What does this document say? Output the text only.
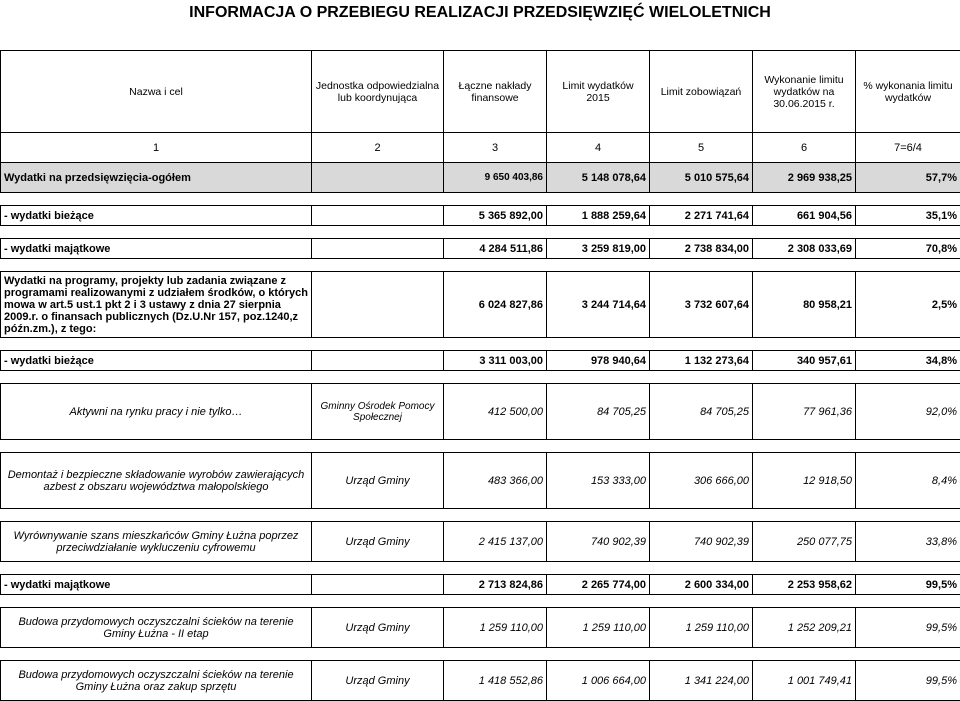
INFORMACJA O PRZEBIEGU REALIZACJI PRZEDSIĘWZIĘĆ WIELOLETNICH

Nazwa i cel	Jednostka odpowiedzialna lub koordynująca	Łączne nakłady finansowe	Limit wydatków 2015	Limit zobowiązań	Wykonanie limitu wydatków na 30.06.2015 r.	% wykonania limitu wydatków
1	2	3	4	5	6	7=6/4
Wydatki na przedsięwzięcia-ogółem		9 650 403,86	5 148 078,64	5 010 575,64	2 969 938,25	57,7%

- wydatki bieżące		5 365 892,00	1 888 259,64	2 271 741,64	661 904,56	35,1%

- wydatki majątkowe		4 284 511,86	3 259 819,00	2 738 834,00	2 308 033,69	70,8%

Wydatki na programy, projekty lub zadania związane z programami realizowanymi z udziałem środków, o których mowa w art.5 ust.1 pkt 2 i 3 ustawy z dnia 27 sierpnia 2009.r. o finansach publicznych (Dz.U.Nr 157, poz.1240,z późn.zm.), z tego:		6 024 827,86	3 244 714,64	3 732 607,64	80 958,21	2,5%

- wydatki bieżące		3 311 003,00	978 940,64	1 132 273,64	340 957,61	34,8%

Aktywni na rynku pracy i nie tylko…	Gminny Ośrodek Pomocy Społecznej	412 500,00	84 705,25	84 705,25	77 961,36	92,0%

Demontaż i bezpieczne składowanie wyrobów zawierających azbest z obszaru województwa małopolskiego	Urząd Gminy	483 366,00	153 333,00	306 666,00	12 918,50	8,4%

Wyrównywanie szans mieszkańców Gminy Łużna poprzez przeciwdziałanie wykluczeniu cyfrowemu	Urząd Gminy	2 415 137,00	740 902,39	740 902,39	250 077,75	33,8%

- wydatki majątkowe		2 713 824,86	2 265 774,00	2 600 334,00	2 253 958,62	99,5%

Budowa przydomowych oczyszczalni ścieków na terenie Gminy Łużna - II etap	Urząd Gminy	1 259 110,00	1 259 110,00	1 259 110,00	1 252 209,21	99,5%

Budowa przydomowych oczyszczalni ścieków na terenie Gminy Łużna oraz zakup sprzętu	Urząd Gminy	1 418 552,86	1 006 664,00	1 341 224,00	1 001 749,41	99,5%
